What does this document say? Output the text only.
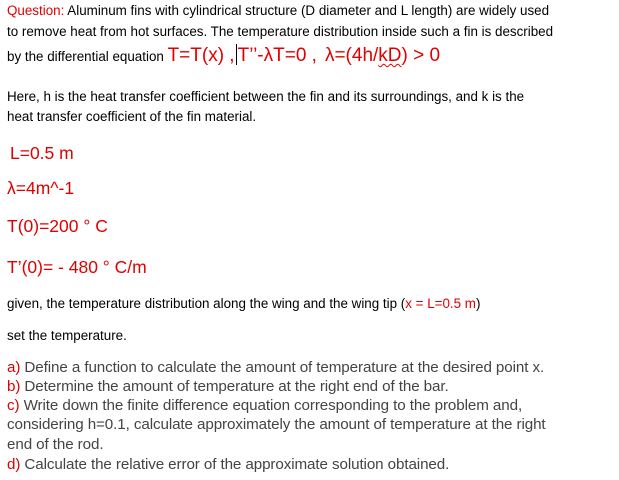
Question: Aluminum fins with cylindrical structure (D diameter and L length) are widely used
to remove heat from hot surfaces. The temperature distribution inside such a fin is described
by the differential equation T=T(x) , T’’-λT=0 , λ=(4h/kD) > 0
Here, h is the heat transfer coefficient between the fin and its surroundings, and k is the
heat transfer coefficient of the fin material.
L=0.5 m
λ=4m^-1
T(0)=200 ° C
T’(0)= - 480 ° C/m
given, the temperature distribution along the wing and the wing tip (x = L=0.5 m)
set the temperature.
a) Define a function to calculate the amount of temperature at the desired point x.
b) Determine the amount of temperature at the right end of the bar.
c) Write down the finite difference equation corresponding to the problem and,
considering h=0.1, calculate approximately the amount of temperature at the right
end of the rod.
d) Calculate the relative error of the approximate solution obtained.
